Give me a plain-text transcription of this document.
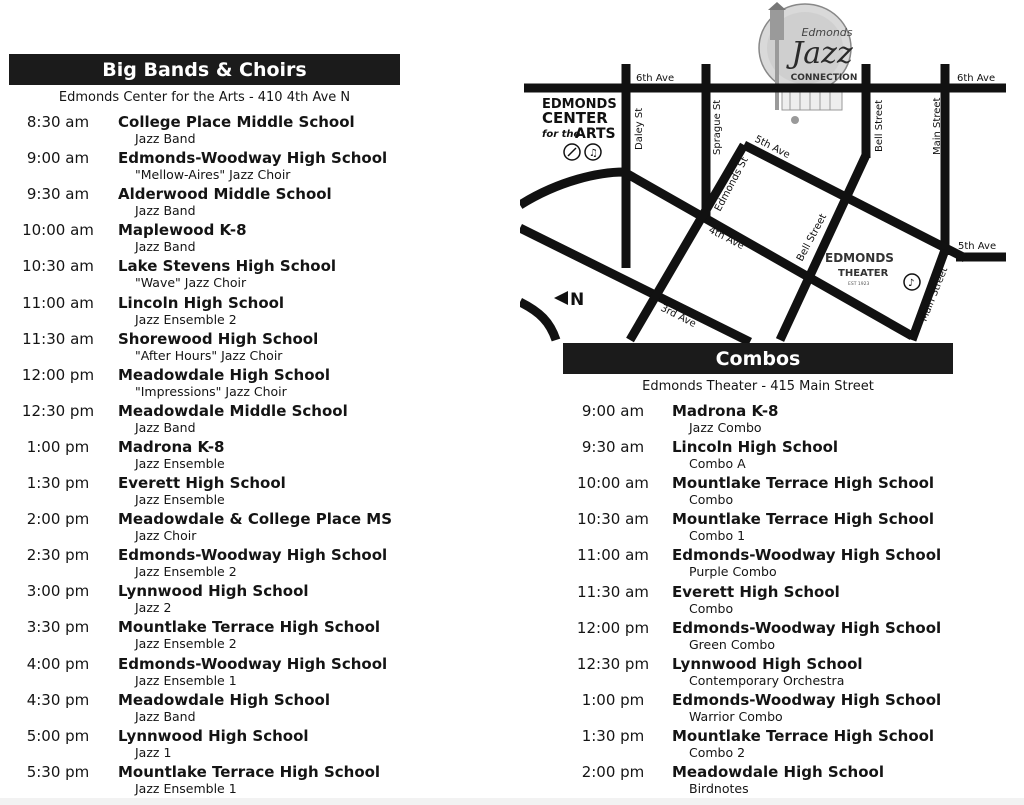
Big Bands & Choirs
Edmonds Center for the Arts - 410 4th Ave N
8:30 am	College Place Middle School
Jazz Band
9:00 am	Edmonds-Woodway High School
"Mellow-Aires" Jazz Choir
9:30 am	Alderwood Middle School
Jazz Band
10:00 am	Maplewood K-8
Jazz Band
10:30 am	Lake Stevens High School
"Wave" Jazz Choir
11:00 am	Lincoln High School
Jazz Ensemble 2
11:30 am	Shorewood High School
"After Hours" Jazz Choir
12:00 pm	Meadowdale High School
"Impressions" Jazz Choir
12:30 pm	Meadowdale Middle School
Jazz Band
1:00 pm	Madrona K-8
Jazz Ensemble
1:30 pm	Everett High School
Jazz Ensemble
2:00 pm	Meadowdale & College Place MS
Jazz Choir
2:30 pm	Edmonds-Woodway High School
Jazz Ensemble 2
3:00 pm	Lynnwood High School
Jazz 2
3:30 pm	Mountlake Terrace High School
Jazz Ensemble 2
4:00 pm	Edmonds-Woodway High School
Jazz Ensemble 1
4:30 pm	Meadowdale High School
Jazz Band
5:00 pm	Lynnwood High School
Jazz 1
5:30 pm	Mountlake Terrace High School
Jazz Ensemble 1
Edmonds
Jazz
CONNECTION
6th Ave	6th Ave
5th Ave
Daley St	Sprague St	Bell Street	Main Street
5th Ave
4th Ave
3rd Ave
Edmonds St
Bell Street
Main Street
EDMONDS
CENTER
for the
ARTS
♫
EDMONDS
THEATER
EST 1923	♪
N
Combos
Edmonds Theater - 415 Main Street
9:00 am	Madrona K-8
Jazz Combo
9:30 am	Lincoln High School
Combo A
10:00 am	Mountlake Terrace High School
Combo
10:30 am	Mountlake Terrace High School
Combo 1
11:00 am	Edmonds-Woodway High School
Purple Combo
11:30 am	Everett High School
Combo
12:00 pm	Edmonds-Woodway High School
Green Combo
12:30 pm	Lynnwood High School
Contemporary Orchestra
1:00 pm	Edmonds-Woodway High School
Warrior Combo
1:30 pm	Mountlake Terrace High School
Combo 2
2:00 pm	Meadowdale High School
Birdnotes
